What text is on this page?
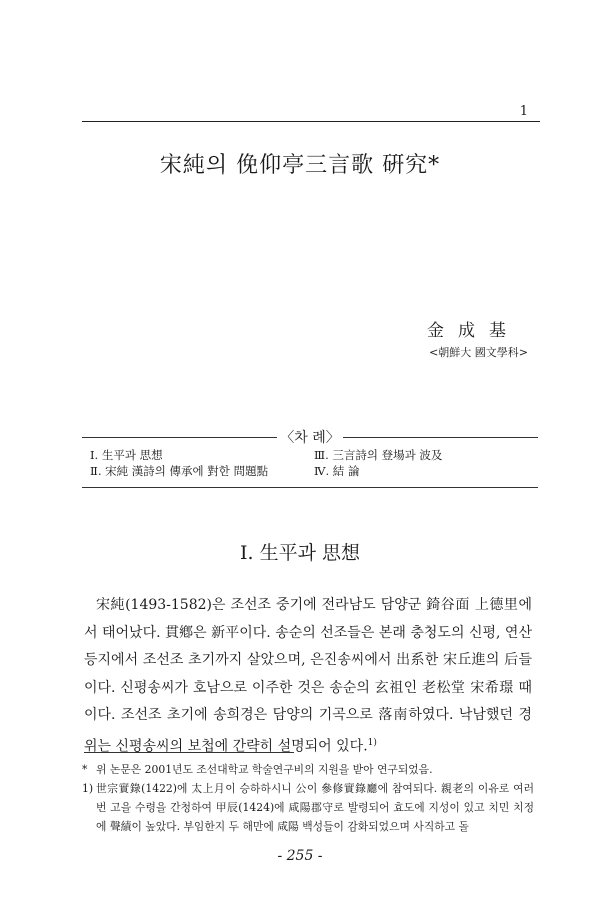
1
宋純의 俛仰亭三言歌 硏究*
金成基
<朝鮮大 國文學科>
〈차 례〉
Ⅰ. 生平과 思想
Ⅱ. 宋純 漢詩의 傳承에 對한 問題點
Ⅲ. 三言詩의 登場과 波及
Ⅳ. 結 論
Ⅰ. 生平과 思想

宋純(1493-1582)은 조선조 중기에 전라남도 담양군 錡谷面 上德里에서 태어났다. 貫鄕은 新平이다. 송순의 선조들은 본래 충청도의 신평, 연산 등지에서 조선조 초기까지 살았으며, 은진송씨에서 出系한 宋丘進의 后들이다. 신평송씨가 호남으로 이주한 것은 송순의 玄祖인 老松堂 宋希璟 때이다. 조선조 초기에 송희경은 담양의 기곡으로 落南하였다. 낙남했던 경위는 신평송씨의 보첩에 간략히 설명되어 있다.$^{1)}$

* 위 논문은 2001년도 조선대학교 학술연구비의 지원을 받아 연구되었음.
1) 世宗實錄(1422)에 太上月이 승하하시니 公이 參修實錄廳에 참여되다. 親老의 이유로 여러 번 고을 수령을 간청하여 甲辰(1424)에 咸陽郡守로 발령되어 효도에 지성이 있고 치민 치정에 聲績이 높았다. 부임한지 두 해만에 咸陽 백성들이 감화되었으며 사직하고 돌
- 255 -
